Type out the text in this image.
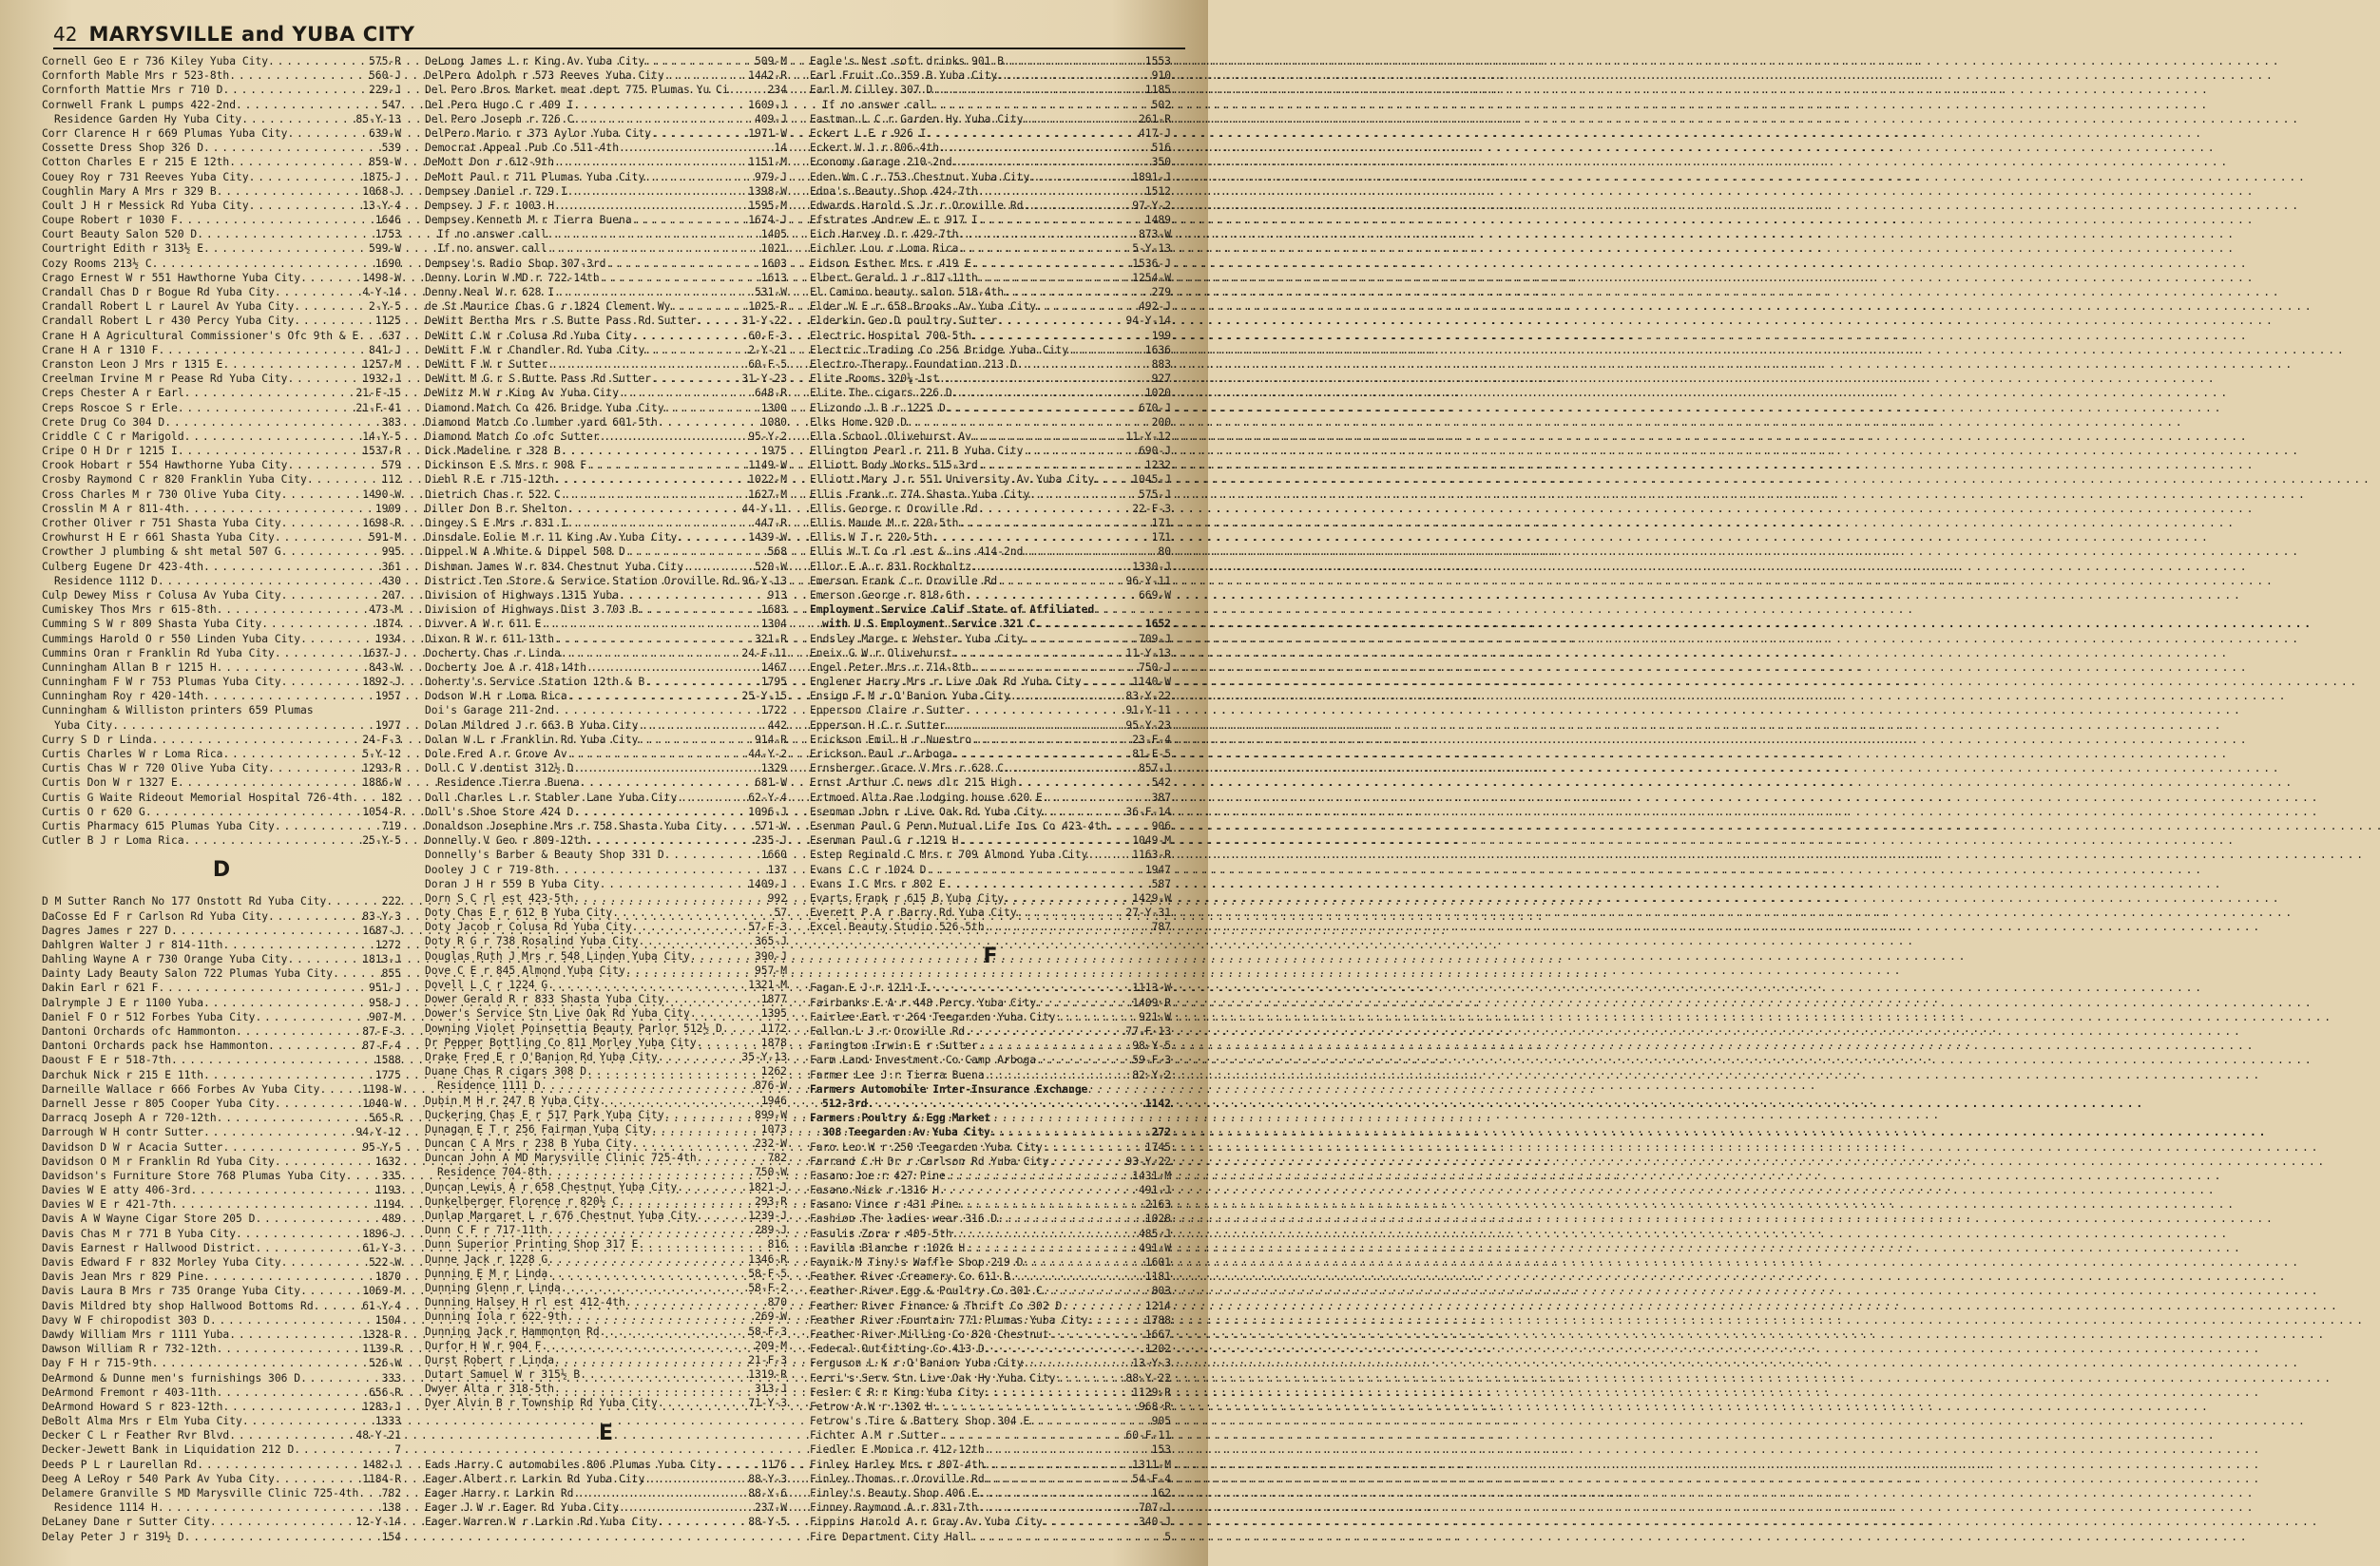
42 MARYSVILLE and YUBA CITY
Cornell Geo E r 736 Kiley Yuba City . . .	575-R
Cornforth Mable Mrs r 523-8th . . .	560-J
Cornforth Mattie Mrs r 710 D . . .	229-J
Cornwell Frank L pumps 422-2nd . . .	547
Residence Garden Hy Yuba City . . .	85-Y-13
Corr Clarence H r 669 Plumas Yuba City . . .	639-W
Cossette Dress Shop 326 D . . .	539
Cotton Charles E r 215 E 12th . . .	859-W
Couey Roy r 731 Reeves Yuba City . . .	1875-J
Coughlin Mary A Mrs r 329 B . . .	1068-J
Coult J H r Messick Rd Yuba City . . .	13-Y-4
Coupe Robert r 1030 F . . .	1646
Court Beauty Salon 520 D . . .	1753
Courtright Edith r 313½ E . . .	599-W
Cozy Rooms 213½ C . . .	1690
Crago Ernest W r 551 Hawthorne Yuba City . . .	1498-W
Crandall Chas D r Bogue Rd Yuba City . . .	4-Y-14
Crandall Robert L r Laurel Av Yuba City . . .	2-Y-5
Crandall Robert L r 430 Percy Yuba City . . .	1125
Crane H A Agricultural Commissioner's Ofc 9th & E . . . 637
Crane H A r 1310 F . . .	841-J
Cranston Leon J Mrs r 1315 E . . .	1257-M
Creelman Irvine M r Pease Rd Yuba City . . .	1932-J
Creps Chester A r Earl . . .	21-F-15
Creps Roscoe S r Erle . . .	21-F-41
Crete Drug Co 304 D . . .	383
Criddle C C r Marigold . . .	14-Y-5
Cripe O H Dr r 1215 I . . .	1537-R
Crook Hobart r 554 Hawthorne Yuba City . . .	579
Crosby Raymond C r 820 Franklin Yuba City . . .	112
Cross Charles M r 730 Olive Yuba City . . .	1490-W
Crosslin M A r 811-4th . . .	1909
Crother Oliver r 751 Shasta Yuba City . . .	1698-R
Crowhurst H E r 661 Shasta Yuba City . . .	591-M
Crowther J plumbing & sht metal 507 G . . .	995
Culberg Eugene Dr 423-4th . . .	361
Residence 1112 D . . .	430
Culp Dewey Miss r Colusa Av Yuba City . . .	207
Cumiskey Thos Mrs r 615-8th . . .	473-M
Cumming S W r 809 Shasta Yuba City . . .	1874
Cummings Harold O r 550 Linden Yuba City . . .	1934
Cummins Oran r Franklin Rd Yuba City . . .	1637-J
Cunningham Allan B r 1215 H . . .	843-W
Cunningham F W r 753 Plumas Yuba City . . .	1892-J
Cunningham Roy r 420-14th . . .	1957
Cunningham & Williston printers 659 Plumas
Yuba City . . .	1977
Curry S D r Linda . . .	24-F-3
Curtis Charles W r Loma Rica . . .	5-Y-12
Curtis Chas W r 720 Olive Yuba City . . .	1293-R
Curtis Don W r 1327 E . . .	1886-W
Curtis G Waite Rideout Memorial Hospital 726-4th . . .	182
Curtis O r 620 G . . .	1054-R
Curtis Pharmacy 615 Plumas Yuba City . . .	719
Cutler B J r Loma Rica . . .	25-Y-5
D
D M Sutter Ranch No 177 Onstott Rd Yuba City . . .	222
DaCosse Ed F r Carlson Rd Yuba City . . .	83-Y-3
Dagres James r 227 D . . .	1687-J
Dahlgren Walter J r 814-11th . . .	1272
Dahling Wayne A r 730 Orange Yuba City . . .	1813-J
Dainty Lady Beauty Salon 722 Plumas Yuba City . . .	855
Dakin Earl r 621 F . . .	951-J
Dalrymple J E r 1100 Yuba . . .	958-J
Daniel F O r 512 Forbes Yuba City . . .	907-M
Dantoni Orchards ofc Hammonton . . .	87-F-3
Dantoni Orchards pack hse Hammonton . . .	87-F-4
Daoust F E r 518-7th . . .	1588
Darchuk Nick r 215 E 11th . . .	1775
Darneille Wallace r 666 Forbes Av Yuba City . . .	1198-W
Darnell Jesse r 805 Cooper Yuba City . . .	1040-W
Darracq Joseph A r 720-12th . . .	565-R
Darrough W H contr Sutter . . .	94-Y-12
Davidson D W r Acacia Sutter . . .	95-Y-5
Davidson O M r Franklin Rd Yuba City . . .	1632
Davidson's Furniture Store 768 Plumas Yuba City . . .	335
Davies W E atty 406-3rd . . .	1193
Davies W E r 421-7th . . .	1194
Davis A W Wayne Cigar Store 205 D . . .	489
Davis Chas M r 771 B Yuba City . . .	1896-J
Davis Earnest r Hallwood District . . .	61-Y-3
Davis Edward F r 832 Morley Yuba City . . .	522-W
Davis Jean Mrs r 829 Pine . . .	1870
Davis Laura B Mrs r 735 Orange Yuba City . . .	1069-M
Davis Mildred bty shop Hallwood Bottoms Rd . . .	61-Y-4
Davy W F chiropodist 303 D . . .	1504
Dawdy William Mrs r 1111 Yuba . . .	1328-R
Dawson William R r 732-12th . . .	1139-R
Day F H r 715-9th . . .	526-W
DeArmond & Dunne men's furnishings 306 D . . .	333
DeArmond Fremont r 403-11th . . .	656-R
DeArmond Howard S r 823-12th . . .	1283-J
DeBolt Alma Mrs r Elm Yuba City . . .	1333
Decker C L r Feather Rvr Blvd . . .	48-Y-21
Decker-Jewett Bank in Liquidation 212 D . . .	7
Deeds P L r Laurellan Rd . . .	1482-J
Deeg A LeRoy r 540 Park Av Yuba City . . .	1184-R
Delamere Granville S MD Marysville Clinic 725-4th . . . 782
Residence 1114 H . . .	138
DeLaney Dane r Sutter City . . .	12-Y-14
Delay Peter J r 319½ D . . .	154
DeLong James L r King Av Yuba City . . .	509-M
DelPero Adolph r 573 Reeves Yuba City . . .	1442-R
Del Pero Bros Market meat dept 775 Plumas Yu Ci . . .	234
Del Pero Hugo C r 409 I . . .	1609-J
Del Pero Joseph r 726 C . . .	409-J
DelPero Mario r 373 Aylor Yuba City . . .	1971-W
Democrat Appeal Pub Co 511-4th . . .	14
DeMott Don r 612-9th . . .	1151-M
DeMott Paul r 711 Plumas Yuba City . . .	979-J
Dempsey Daniel r 729 I . . .	1398-W
Dempsey J F r 1003 H . . .	1595-M
Dempsey Kenneth M r Tierra Buena . . .	1674-J
If no answer call . . .	1405
If no answer call . . .	1021
Dempsey's Radio Shop 307-3rd . . .	1603
Denny Lorin W MD r 722-14th . . .	1613
Denny Neal W r 628 I . . .	531-W
de St Maurice Chas G r 1824 Clement Wy . . .	1025-R
DeWitt Bertha Mrs r S Butte Pass Rd Sutter . . .	31-Y-22
DeWitt C W r Colusa Rd Yuba City . . .	60-F-3
DeWitt F W r Chandler Rd Yuba City . . .	2-Y-21
DeWitt F W r Sutter . . .	60-F-5
DeWitt M G r S Butte Pass Rd Sutter . . .	31-Y-23
DeWitz M W r King Av Yuba City . . .	648-R
Diamond Match Co 426 Bridge Yuba City . . .	1300
Diamond Match Co lumber yard 601-5th . . .	1080
Diamond Match Co ofc Sutter . . .	95-Y-2
Dick Madeline r 328 B . . .	1975
Dickinson E S Mrs r 908 F . . .	1149-W
Diehl R E r 715-12th . . .	1022-M
Dietrich Chas r 522 C . . .	1627-M
Diller Don B r Shelton . . .	44-Y-11
Dingey S E Mrs r 831 I . . .	447-R
Dinsdale Eolie M r 11 King Av Yuba City . . .	1439-W
Dippel W A White & Dippel 508 D . . .	568
Dishman James W r 834 Chestnut Yuba City . . .	520-W
District Ten Store & Service Station Oroville Rd . . . 96-Y-13
Division of Highways 1315 Yuba . . .	913
Division of Highways Dist 3 703 B . . .	1683
Divver A W r 611 E . . .	1304
Dixon R W r 611-13th . . .	321-R
Docherty Chas r Linda . . .	24-F-11
Docherty Joe A r 418-14th . . .	1467
Doherty's Service Station 12th & B . . .	1795
Dodson W H r Loma Rica . . .	25-Y-15
Doi's Garage 211-2nd . . .	1722
Dolan Mildred J r 663 B Yuba City . . .	442
Dolan W L r Franklin Rd Yuba City . . .	914-R
Dole Fred A r Grove Av . . .	44-Y-2
Doll C V dentist 312½ D . . .	1329
Residence Tierra Buena . . .	681-W
Doll Charles L r Stabler Lane Yuba City . . .	62-Y-4
Doll's Shoe Store 424 D . . .	1096-J
Donaldson Josephine Mrs r 758 Shasta Yuba City . . .	571-W
Donnelly V Geo r 809-12th . . .	235-J
Donnelly's Barber & Beauty Shop 331 D . . .	1660
Dooley J C r 719-8th . . .	137
Doran J H r 559 B Yuba City . . .	1409-J
Dorn S C rl est 423-5th . . .	992
Doty Chas E r 612 B Yuba City . . .	57
Doty Jacob r Colusa Rd Yuba City . . .	57-F-3
Doty R G r 738 Rosalind Yuba City . . .	365-J
Douglas Ruth J Mrs r 548 Linden Yuba City . . .	390-J
Dove C E r 845 Almond Yuba City . . .	957-M
Dovell L C r 1224 G . . .	1321-M
Dower Gerald R r 833 Shasta Yuba City . . .	1877
Dower's Service Stn Live Oak Rd Yuba City . . .	1395
Downing Violet Poinsettia Beauty Parlor 512½ D . . .	1172
Dr Pepper Bottling Co 811 Morley Yuba City . . .	1878
Drake Fred E r O'Banion Rd Yuba City . . .	35-Y-13
Duane Chas R cigars 308 D . . .	1262
Residence 1111 D . . .	876-W
Dubin M H r 247 B Yuba City . . .	1946
Duckering Chas E r 517 Park Yuba City . . .	899-W
Dunagan E T r 256 Fairman Yuba City . . .	1073
Duncan C A Mrs r 238 B Yuba City . . .	232-W
Duncan John A MD Marysville Clinic 725-4th . . .	782
Residence 704-8th . . .	750-W
Duncan Lewis A r 658 Chestnut Yuba City . . .	1821-J
Dunkelberger Florence r 820½ C . . .	293-R
Dunlap Margaret L r 676 Chestnut Yuba City . . .	1239-J
Dunn C F r 717-11th . . .	289-J
Dunn Superior Printing Shop 317 E . . .	816
Dunne Jack r 1228 G . . .	1346-R
Dunning E M r Linda . . .	58-F-5
Dunning Glenn r Linda . . .	58-F-2
Dunning Halsey H rl est 412-4th . . .	870
Dunning Iola r 622-9th . . .	269-W
Dunning Jack r Hammonton Rd . . .	58-F-3
Durfor H W r 904 F . . .	209-M
Durst Robert r Linda . . .	21-F-3
Dutart Samuel W r 315½ B . . .	1319-R
Dwyer Alta r 318-5th . . .	313-J
Dyer Alvin B r Township Rd Yuba City . . .	71-Y-3
E
Eads Harry C automobiles 806 Plumas Yuba City . . .	1176
Eager Albert r Larkin Rd Yuba City . . .	88-Y-3
Eager Harry r Larkin Rd . . .	88-Y-6
Eager J W r Eager Rd Yuba City . . .	237-W
Eager Warren W r Larkin Rd Yuba City . . .	88-Y-5
Eagle's Nest soft drinks 901 B . . .	1553
Earl Fruit Co 359 B Yuba City . . .	910
Earl M Cilley 307 D . . .	1185
If no answer call . . .	502
Eastman L C r Garden Hy Yuba City . . .	261-R
Eckert L E r 926 I . . .	417-J
Eckert W J r 806-4th . . .	516
Economy Garage 210-2nd . . .	350
Eden Wm C r 753 Chestnut Yuba City . . .	1891-J
Edna's Beauty Shop 424-7th . . .	1512
Edwards Harold S Jr r Oroville Rd . . .	97-Y-2
Efstrates Andrew E r 917 I . . .	1489
Eich Harvey D r 429-7th . . .	873-W
Eichler Lou r Loma Rica . . .	5-Y-13
Eidson Esther Mrs r 419 E . . .	1536-J
Elbert Gerald J r 817-11th . . .	1254-W
El Camino beauty salon 518-4th . . .	279
Elder W E r 658 Brooks Av Yuba City . . .	492-J
Elderkin Geo D poultry Sutter . . .	94-Y-14
Electric Hospital 700-5th . . .	199
Electric Trading Co 256 Bridge Yuba City . . .	1636
Electro-Therapy Foundation 213 D . . .	883
Elite Rooms 320½-1st . . .	927
Elite The cigars 226 D . . .	1020
Elizondo J B r 1225 D . . .	670-J
Elks Home 920 D . . .	200
Ella School Olivehurst Av . . .	11-Y-12
Ellington Pearl r 211 B Yuba City . . .	690-J
Elliott Body Works 515-3rd . . .	1232
Elliott Mary J r 551 University Av Yuba City . . .	1045-J
Ellis Frank r 774 Shasta Yuba City . . .	575-J
Ellis George r Oroville Rd . . .	22-F-3
Ellis Maude M r 220-5th . . .	171
Ellis W T r 220-5th . . .	171
Ellis W T Co rl est & ins 414-2nd . . .	80
Ellor E A r 831 Rockholtz . . .	1330-J
Emerson Frank C r Oroville Rd . . .	96-Y-11
Emerson George r 818-6th . . .	669-W
Employment Service Calif State of Affiliated
with U S Employment Service 321 C . . .	1652
Endsley Marge r Webster Yuba City . . .	709-J
Eneix G W r Olivehurst . . .	11-Y-13
Engel Peter Mrs r 714-8th . . .	750-J
Englener Harry Mrs r Live Oak Rd Yuba City . . .	1140-W
Ensign F M r O'Banion Yuba City . . .	83-Y-22
Epperson Claire r Sutter . . .	91-Y-11
Epperson H C r Sutter . . .	95-Y-23
Erickson Emil H r Nuestro . . .	23-F-4
Erickson Paul r Arboga . . .	81-F-5
Ernsberger Grace V Mrs r 628 C . . .	857-J
Ernst Arthur C news dlr 215 High . . .	542
Ertmoed Alta Rae lodging house 620 E . . .	387
Esenman John r Live Oak Rd Yuba City . . .	36-F-14
Esenman Paul G Penn Mutual Life Ins Co 423-4th . . .	906
Esenman Paul G r 1219 H . . .	1049-M
Estep Reginald C Mrs r 709 Almond Yuba City . . .	1163-R
Evans C C r 1024 D . . .	1947
Evans I C Mrs r 802 E . . .	587
Evarts Frank r 615 B Yuba City . . .	1429-W
Everett P A r Barry Rd Yuba City . . .	27-Y-31
Excel Beauty Studio 526-5th . . .	787
F
Fagan E J r 1211 I . . .	1113-W
Fairbanks E A r 448 Percy Yuba City . . .	1409-R
Fairlee Earl r 264 Teegarden Yuba City . . .	921-W
Fallon L J r Oroville Rd . . .	77-F-13
Farington Irwin E r Sutter . . .	98-Y-5
Farm Land Investment Co Camp Arboga . . .	59-F-3
Farmer Lee J r Tierra Buena . . .	82-Y-2
Farmers Automobile Inter-Insurance Exchange
512-3rd . . .	1142
Farmers Poultry & Egg Market
308 Teegarden Av Yuba City . . .	272
Faro Leo W r 250 Teegarden Yuba City . . .	1745
Farrand C H Dr r Carlson Rd Yuba City . . .	93-Y-22
Fasano Joe r 427 Pine . . .	1431-M
Fasano Nick r 1316 H . . .	491-J
Fasano Vince r 431 Pine . . .	2163
Fashion The ladies wear 316 D . . .	1028
Fasulis Zora r 405-5th . . .	485-J
Favilla Blanche r 1026 H . . .	491-W
Faynik M Tiny's Waffle Shop 219 D . . .	1601
Feather River Creamery Co 611 B . . .	1181
Feather River Egg & Poultry Co 301 C . . .	803
Feather River Finance & Thrift Co 302 D . . .	1214
Feather River Fountain 771 Plumas Yuba City . . .	1788
Feather River Milling Co 820 Chestnut . . .	1667
Federal Outfitting Co 413 D . . .	1202
Ferguson L K r O'Banion Yuba City . . .	13-Y-3
Ferri's Serv Stn Live Oak Hy Yuba City . . .	88-Y-22
Fesler C R r King Yuba City . . .	1129-R
Fetrow A W r 1302 H . . .	968-R
Fetrow's Tire & Battery Shop 304 E . . .	905
Fichter A M r Sutter . . .	60-F-11
Fiedler E Monica r 412-12th . . .	153
Finley Harley Mrs r 807-4th . . .	1311-M
Finley Thomas r Oroville Rd . . .	54-F-4
Finley's Beauty Shop 406 E . . .	162
Finney Raymond A r 831-7th . . .	707-J
Fippins Harold A r Gray Av Yuba City . . .	340-J
Fire Department City Hall . . .	5
